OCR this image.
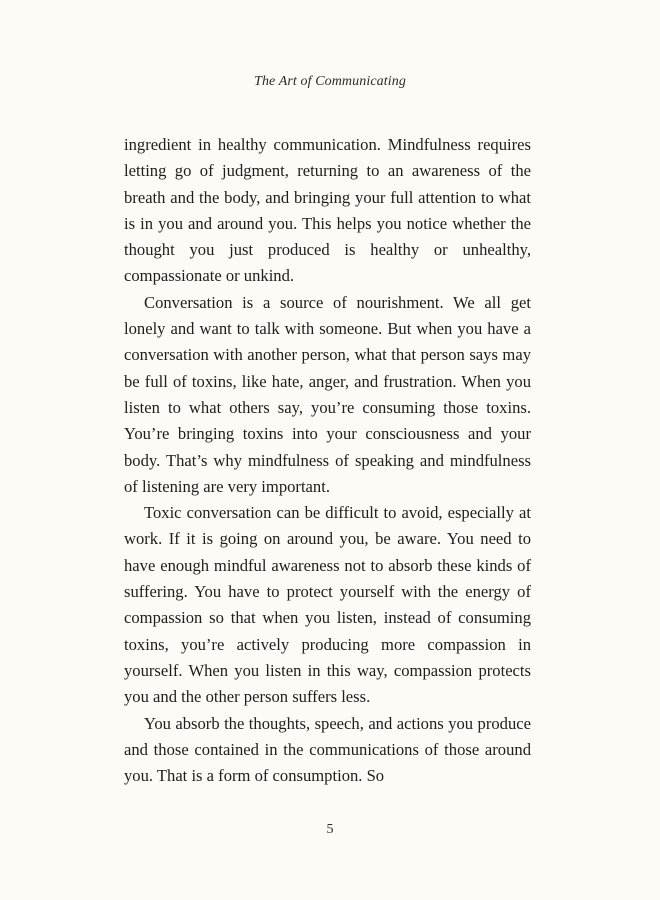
The Art of Communicating

ingredient in healthy communication. Mindfulness requires letting go of judgment, returning to an awareness of the breath and the body, and bringing your full attention to what is in you and around you. This helps you notice whether the thought you just produced is healthy or unhealthy, compassionate or unkind.

Conversation is a source of nourishment. We all get lonely and want to talk with someone. But when you have a conversation with another person, what that person says may be full of toxins, like hate, anger, and frustration. When you listen to what others say, you’re consuming those toxins. You’re bringing toxins into your consciousness and your body. That’s why mindfulness of speaking and mindfulness of listening are very important.

Toxic conversation can be difficult to avoid, especially at work. If it is going on around you, be aware. You need to have enough mindful awareness not to absorb these kinds of suffering. You have to protect yourself with the energy of compassion so that when you listen, instead of consuming toxins, you’re actively producing more compassion in yourself. When you listen in this way, compassion protects you and the other person suffers less.

You absorb the thoughts, speech, and actions you produce and those contained in the communications of those around you. That is a form of consumption. So

5
